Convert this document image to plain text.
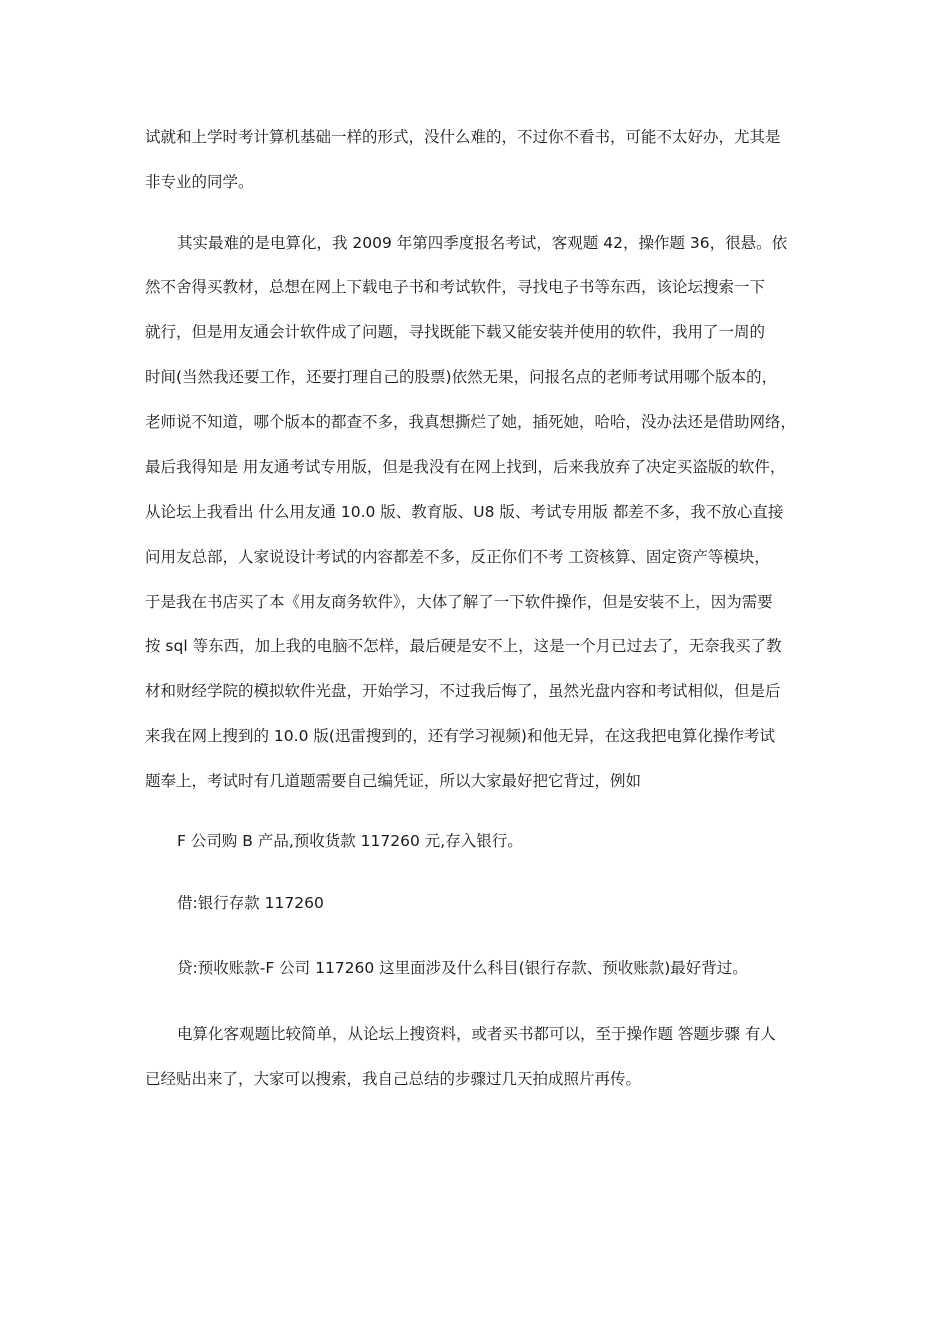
试就和上学时考计算机基础一样的形式，没什么难的，不过你不看书，可能不太好办，尤其是
非专业的同学。
其实最难的是电算化，我 2009 年第四季度报名考试，客观题 42，操作题 36，很悬。依
然不舍得买教材，总想在网上下载电子书和考试软件，寻找电子书等东西，该论坛搜索一下
就行，但是用友通会计软件成了问题，寻找既能下载又能安装并使用的软件，我用了一周的
时间(当然我还要工作，还要打理自己的股票)依然无果，问报名点的老师考试用哪个版本的，
老师说不知道，哪个版本的都查不多，我真想撕烂了她，插死她，哈哈，没办法还是借助网络，
最后我得知是 用友通考试专用版，但是我没有在网上找到，后来我放弃了决定买盗版的软件，
从论坛上我看出 什么用友通 10.0 版、教育版、U8 版、考试专用版 都差不多，我不放心直接
问用友总部，人家说设计考试的内容都差不多，反正你们不考 工资核算、固定资产等模块，
于是我在书店买了本《用友商务软件》，大体了解了一下软件操作，但是安装不上，因为需要
按 sql 等东西，加上我的电脑不怎样，最后硬是安不上，这是一个月已过去了，无奈我买了教
材和财经学院的模拟软件光盘，开始学习，不过我后悔了，虽然光盘内容和考试相似，但是后
来我在网上搜到的 10.0 版(迅雷搜到的，还有学习视频)和他无异，在这我把电算化操作考试
题奉上，考试时有几道题需要自己编凭证，所以大家最好把它背过，例如
F 公司购 B 产品,预收货款 117260 元,存入银行。
借:银行存款 117260
贷:预收账款-F 公司 117260 这里面涉及什么科目(银行存款、预收账款)最好背过。
电算化客观题比较简单，从论坛上搜资料，或者买书都可以，至于操作题 答题步骤 有人
已经贴出来了，大家可以搜索，我自己总结的步骤过几天拍成照片再传。
